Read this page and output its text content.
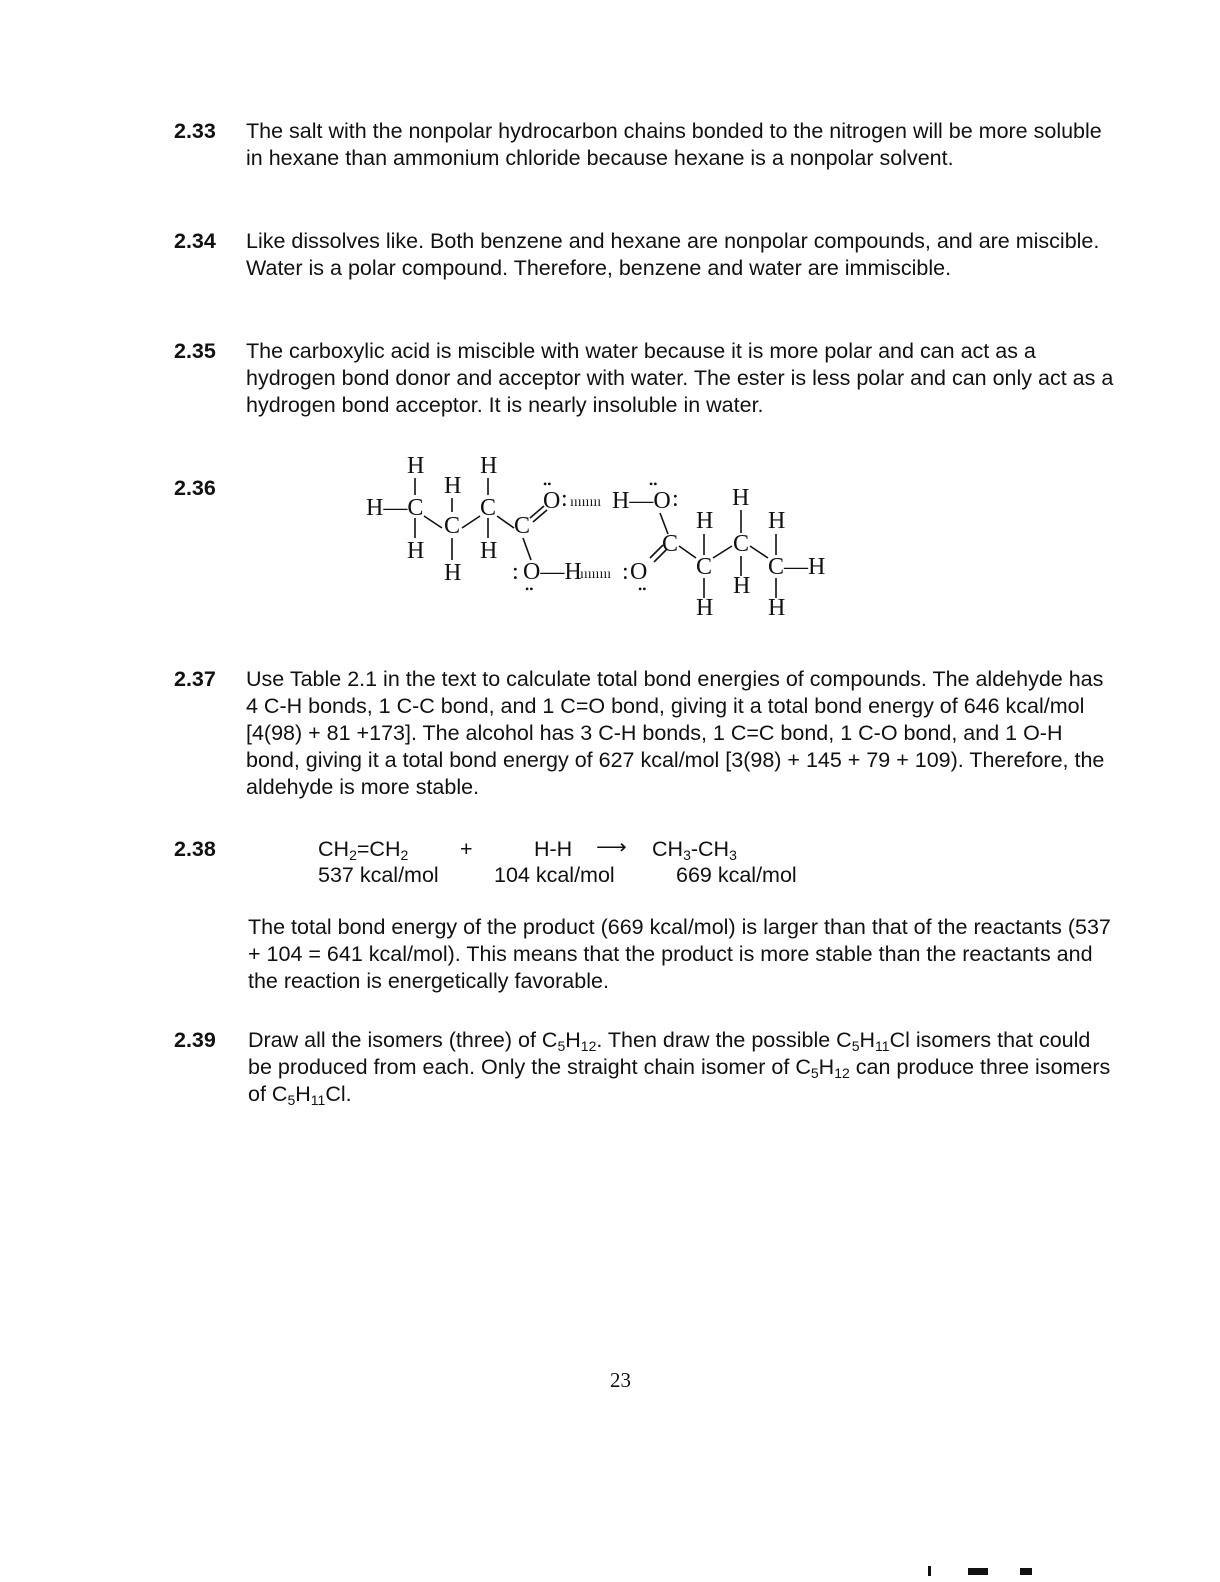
2.33 The salt with the nonpolar hydrocarbon chains bonded to the nitrogen will be more soluble in hexane than ammonium chloride because hexane is a nonpolar solvent.

2.34 Like dissolves like. Both benzene and hexane are nonpolar compounds, and are miscible. Water is a polar compound. Therefore, benzene and water are immiscible.

2.35 The carboxylic acid is miscible with water because it is more polar and can act as a hydrogen bond donor and acceptor with water. The ester is less polar and can only act as a hydrogen bond acceptor. It is nearly insoluble in water.

2.36
H H
H
H—C C
C C
H H
H
O
••
: ıııııııı H—O
••
:
: O—H
••
ıııııııı : O
••
H
H H
C C
C C—H
H
H H
2.37 Use Table 2.1 in the text to calculate total bond energies of compounds. The aldehyde has 4 C-H bonds, 1 C-C bond, and 1 C=O bond, giving it a total bond energy of 646 kcal/mol [4(98) + 81 +173]. The alcohol has 3 C-H bonds, 1 C=C bond, 1 C-O bond, and 1 O-H bond, giving it a total bond energy of 627 kcal/mol [3(98) + 145 + 79 + 109). Therefore, the aldehyde is more stable.

2.38	$CH_2=CH_2$ +	H-H ⟶ $CH_3-CH_3$
537 kcal/mol	104 kcal/mol	669 kcal/mol

The total bond energy of the product (669 kcal/mol) is larger than that of the reactants (537 + 104 = 641 kcal/mol). This means that the product is more stable than the reactants and the reaction is energetically favorable.

2.39 Draw all the isomers (three) of $C_5H_{12}$. Then draw the possible $C_5H_{11}Cl$ isomers that could be produced from each. Only the straight chain isomer of $C_5H_{12}$ can produce three isomers of $C_5H_{11}Cl$.

23
